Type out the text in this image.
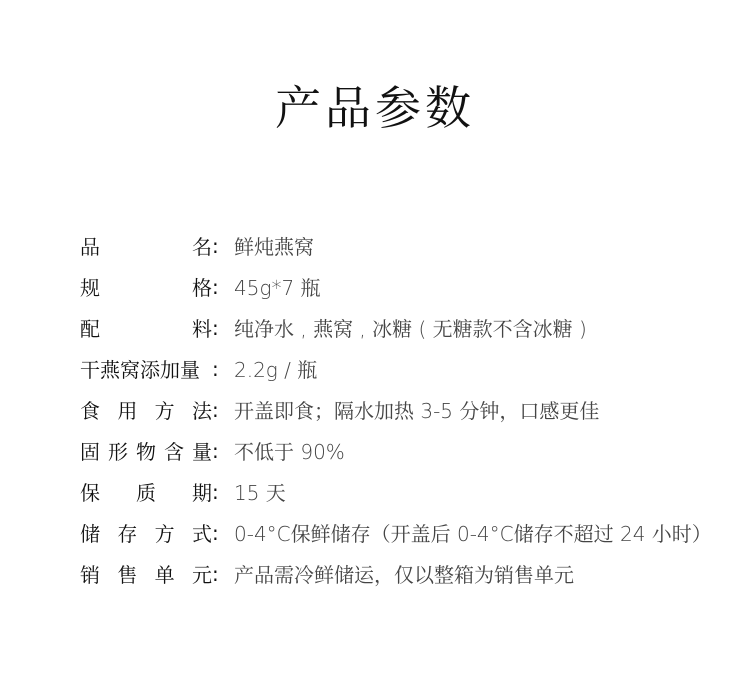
产品参数
品	名 : 鲜炖燕窝
规	格 : 45g*7 瓶
配	料 : 纯净水 , 燕窝 , 冰糖 ( 无糖款不含冰糖 )
干燕窝添加量 : 2.2g / 瓶
食 用 方 法 : 开盖即食；隔水加热 3-5 分钟，口感更佳
固 形 物 含 量 : 不低于 90%
保 质 期 : 15 天
储 存 方 式 : 0-4°C保鲜储存（开盖后 0-4°C储存不超过 24 小时）
销 售 单 元 : 产品需冷鲜储运，仅以整箱为销售单元
